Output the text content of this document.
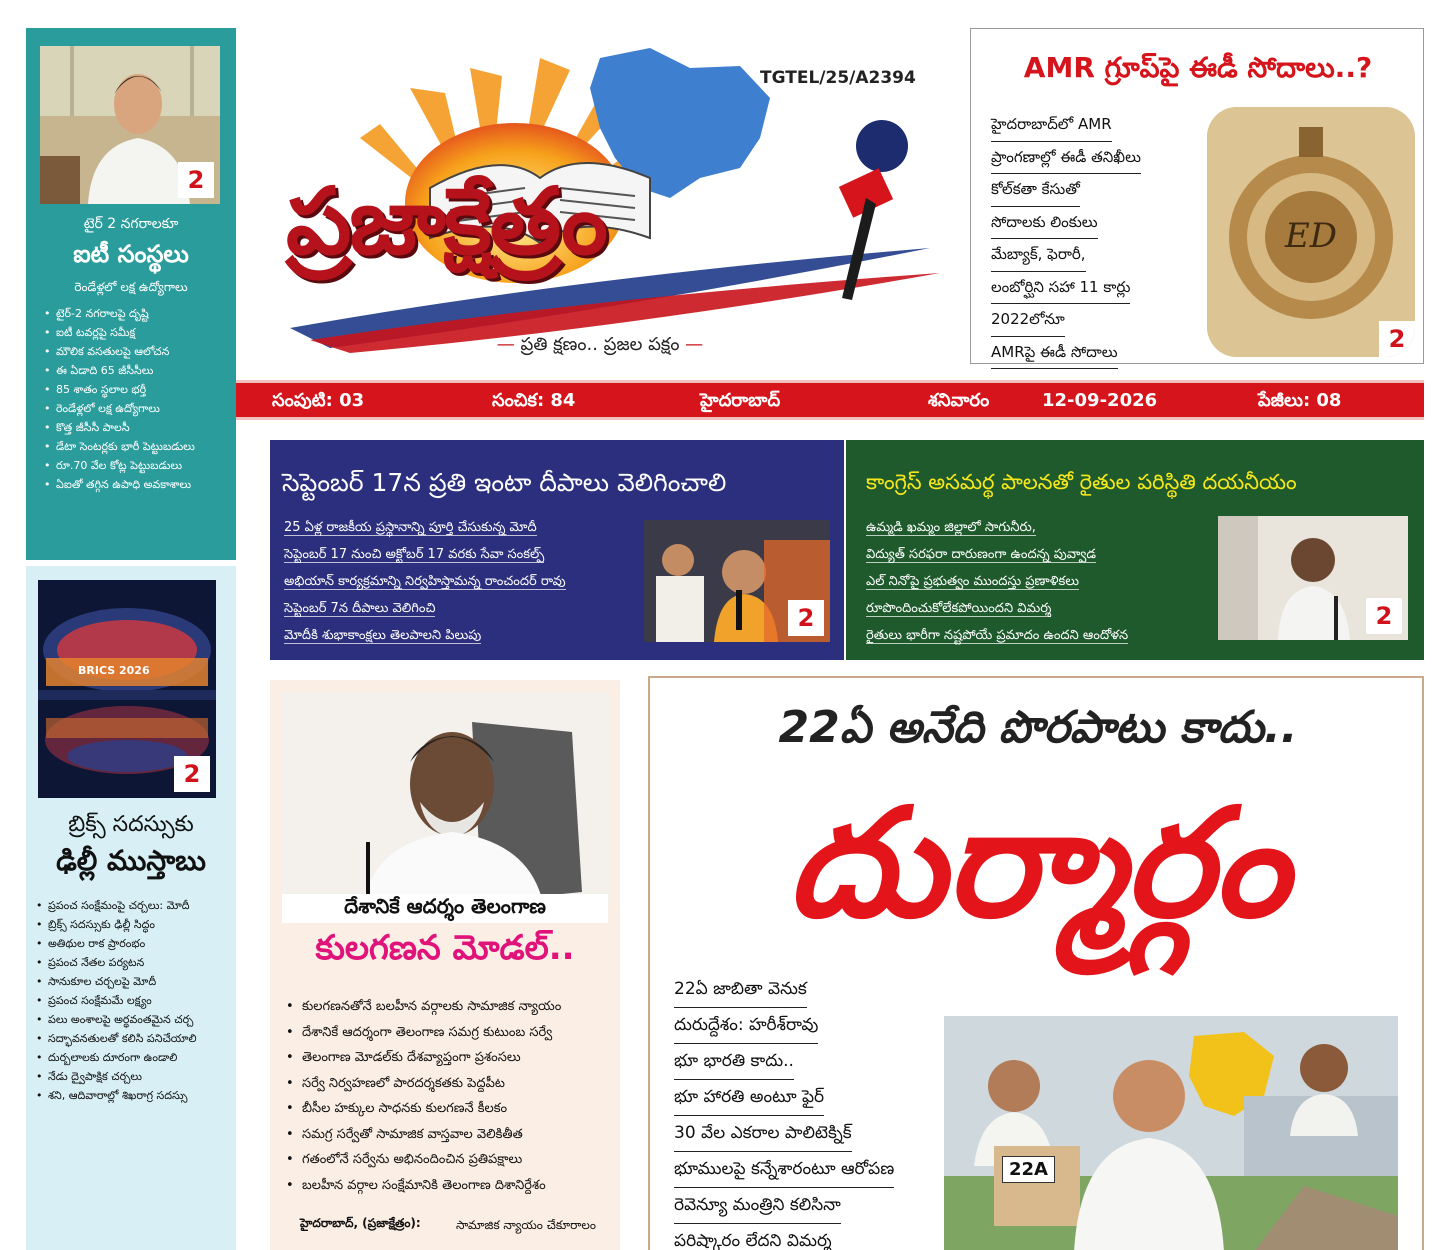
2
టైర్ 2 నగరాలకూ
ఐటీ సంస్థలు
రెండేళ్లలో లక్ష ఉద్యోగాలు
• టైర్-2 నగరాలపై దృష్టి
• ఐటీ టవర్లపై సమీక్ష
• మౌలిక వసతులపై ఆలోచన
• ఈ ఏడాది 65 జీసీసీలు
• 85 శాతం స్థలాల భర్తీ
• రెండేళ్లలో లక్ష ఉద్యోగాలు
• కొత్త జీసీసీ పాలసీ
• డేటా సెంటర్లకు భారీ పెట్టుబడులు
• రూ.70 వేల కోట్ల పెట్టుబడులు
• ఏఐతో తగ్గిన ఉపాధి అవకాశాలు
BRICS 2026
2
బ్రిక్స్ సదస్సుకు
ఢిల్లీ ముస్తాబు
• ప్రపంచ సంక్షేమంపై చర్చలు: మోదీ
• బ్రిక్స్ సదస్సుకు ఢిల్లీ సిద్ధం
• అతిథుల రాక ప్రారంభం
• ప్రపంచ నేతల పర్యటన
• సానుకూల చర్చలపై మోదీ
• ప్రపంచ సంక్షేమమే లక్ష్యం
• పలు అంశాలపై అర్థవంతమైన చర్చ
• సద్భావనతులతో కలిసి పనిచేయాలి
• దుర్బలాలకు దూరంగా ఉండాలి
• నేడు ద్వైపాక్షిక చర్చలు
• శని, ఆదివారాల్లో శిఖరాగ్ర సదస్సు
TGTEL/25/A2394
ప్రజాక్షేత్రం
— ప్రతి క్షణం.. ప్రజల పక్షం —
AMR గ్రూప్‌పై ఈడీ సోదాలు..?
హైదరాబాద్‌లో AMR
ప్రాంగణాల్లో ఈడీ తనిఖీలు
కోల్‌కతా కేసుతో
సోదాలకు లింకులు
మేబ్యాక్, ఫెరారీ,
లంబోర్ఘిని సహా 11 కార్లు
2022లోనూ
AMRపై ఈడీ సోదాలు
ED
2
సంపుటి: 03	సంచిక: 84	హైదరాబాద్	శనివారం	12-09-2026	పేజీలు: 08
సెప్టెంబర్ 17న ప్రతి ఇంటా దీపాలు వెలిగించాలి
25 ఏళ్ల రాజకీయ ప్రస్థానాన్ని పూర్తి చేసుకున్న మోదీ
సెప్టెంబర్ 17 నుంచి అక్టోబర్ 17 వరకు సేవా సంకల్ప్
అభియాన్ కార్యక్రమాన్ని నిర్వహిస్తామన్న రాంచందర్ రావు
సెప్టెంబర్ 7న దీపాలు వెలిగించి
మోదీకి శుభాకాంక్షలు తెలపాలని పిలుపు
2
కాంగ్రెస్ అసమర్థ పాలనతో రైతుల పరిస్థితి దయనీయం
ఉమ్మడి ఖమ్మం జిల్లాలో సాగునీరు,
విద్యుత్ సరఫరా దారుణంగా ఉందన్న పువ్వాడ
ఎల్ నినోపై ప్రభుత్వం ముందస్తు ప్రణాళికలు
రూపొందించుకోలేకపోయిందని విమర్శ
రైతులు భారీగా నష్టపోయే ప్రమాదం ఉందని ఆందోళన
2
దేశానికే ఆదర్శం తెలంగాణ
కులగణన మోడల్..
• కులగణనతోనే బలహీన వర్గాలకు సామాజిక న్యాయం
• దేశానికే ఆదర్శంగా తెలంగాణ సమగ్ర కుటుంబ సర్వే
• తెలంగాణ మోడల్‌కు దేశవ్యాప్తంగా ప్రశంసలు
• సర్వే నిర్వహణలో పారదర్శకతకు పెద్దపీట
• బీసీల హక్కుల సాధనకు కులగణనే కీలకం
• సమగ్ర సర్వేతో సామాజిక వాస్తవాల వెలికితీత
• గతంలోనే సర్వేను అభినందించిన ప్రతిపక్షాలు
• బలహీన వర్గాల సంక్షేమానికి తెలంగాణ దిశానిర్దేశం
హైదరాబాద్, (ప్రజాక్షేత్రం):	సామాజిక న్యాయం చేకూరాలం
22ఏ అనేది పొరపాటు కాదు..
దుర్మార్గం
22ఏ జాబితా వెనుక
దురుద్దేశం: హరీశ్‌రావు
భూ భారతి కాదు..
భూ హారతి అంటూ ఫైర్
30 వేల ఎకరాల పాలిటెక్నిక్
భూములపై కన్నేశారంటూ ఆరోపణ
రెవెన్యూ మంత్రిని కలిసినా
పరిష్కారం లేదని విమర్శ
22A
